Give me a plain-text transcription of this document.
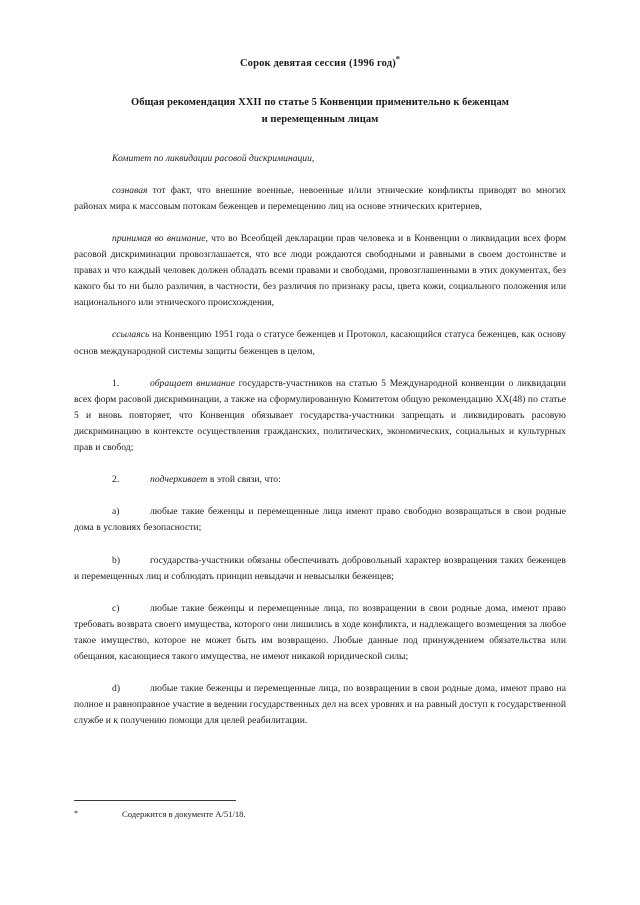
Сорок девятая сессия (1996 год)*
Общая рекомендация XXII по статье 5 Конвенции применительно к беженцам
и перемещенным лицам

Комитет по ликвидации расовой дискриминации,

сознавая тот факт, что внешние военные, невоенные и/или этнические конфликты приводят во многих районах мира к массовым потокам беженцев и перемещению лиц на основе этнических критериев,

принимая во внимание, что во Всеобщей декларации прав человека и в Конвенции о ликвидации всех форм расовой дискриминации провозглашается, что все люди рождаются свободными и равными в своем достоинстве и правах и что каждый человек должен обладать всеми правами и свободами, провозглашенными в этих документах, без какого бы то ни было различия, в частности, без различия по признаку расы, цвета кожи, социального положения или национального или этнического происхождения,

ссылаясь на Конвенцию 1951 года о статусе беженцев и Протокол, касающийся статуса беженцев, как основу основ международной системы защиты беженцев в целом,

1.	обращает внимание государств-участников на статью 5 Международной конвенции о ликвидации всех форм расовой дискриминации, а также на сформулированную Комитетом общую рекомендацию XX(48) по статье 5 и вновь повторяет, что Конвенция обязывает государства-участники запрещать и ликвидировать расовую дискриминацию в контексте осуществления гражданских, политических, экономических, социальных и культурных прав и свобод;

2.	подчеркивает в этой связи, что:

a)	любые такие беженцы и перемещенные лица имеют право свободно возвращаться в свои родные дома в условиях безопасности;

b)	государства-участники обязаны обеспечивать добровольный характер возвращения таких беженцев и перемещенных лиц и соблюдать принцип невыдачи и невысылки беженцев;

c)	любые такие беженцы и перемещенные лица, по возвращении в свои родные дома, имеют право требовать возврата своего имущества, которого они лишились в ходе конфликта, и надлежащего возмещения за любое такое имущество, которое не может быть им возвращено. Любые данные под принуждением обязательства или обещания, касающиеся такого имущества, не имеют никакой юридической силы;

d)	любые такие беженцы и перемещенные лица, по возвращении в свои родные дома, имеют право на полное и равноправное участие в ведении государственных дел на всех уровнях и на равный доступ к государственной службе и к получению помощи для целей реабилитации.

*	Содержится в документе A/51/18.
